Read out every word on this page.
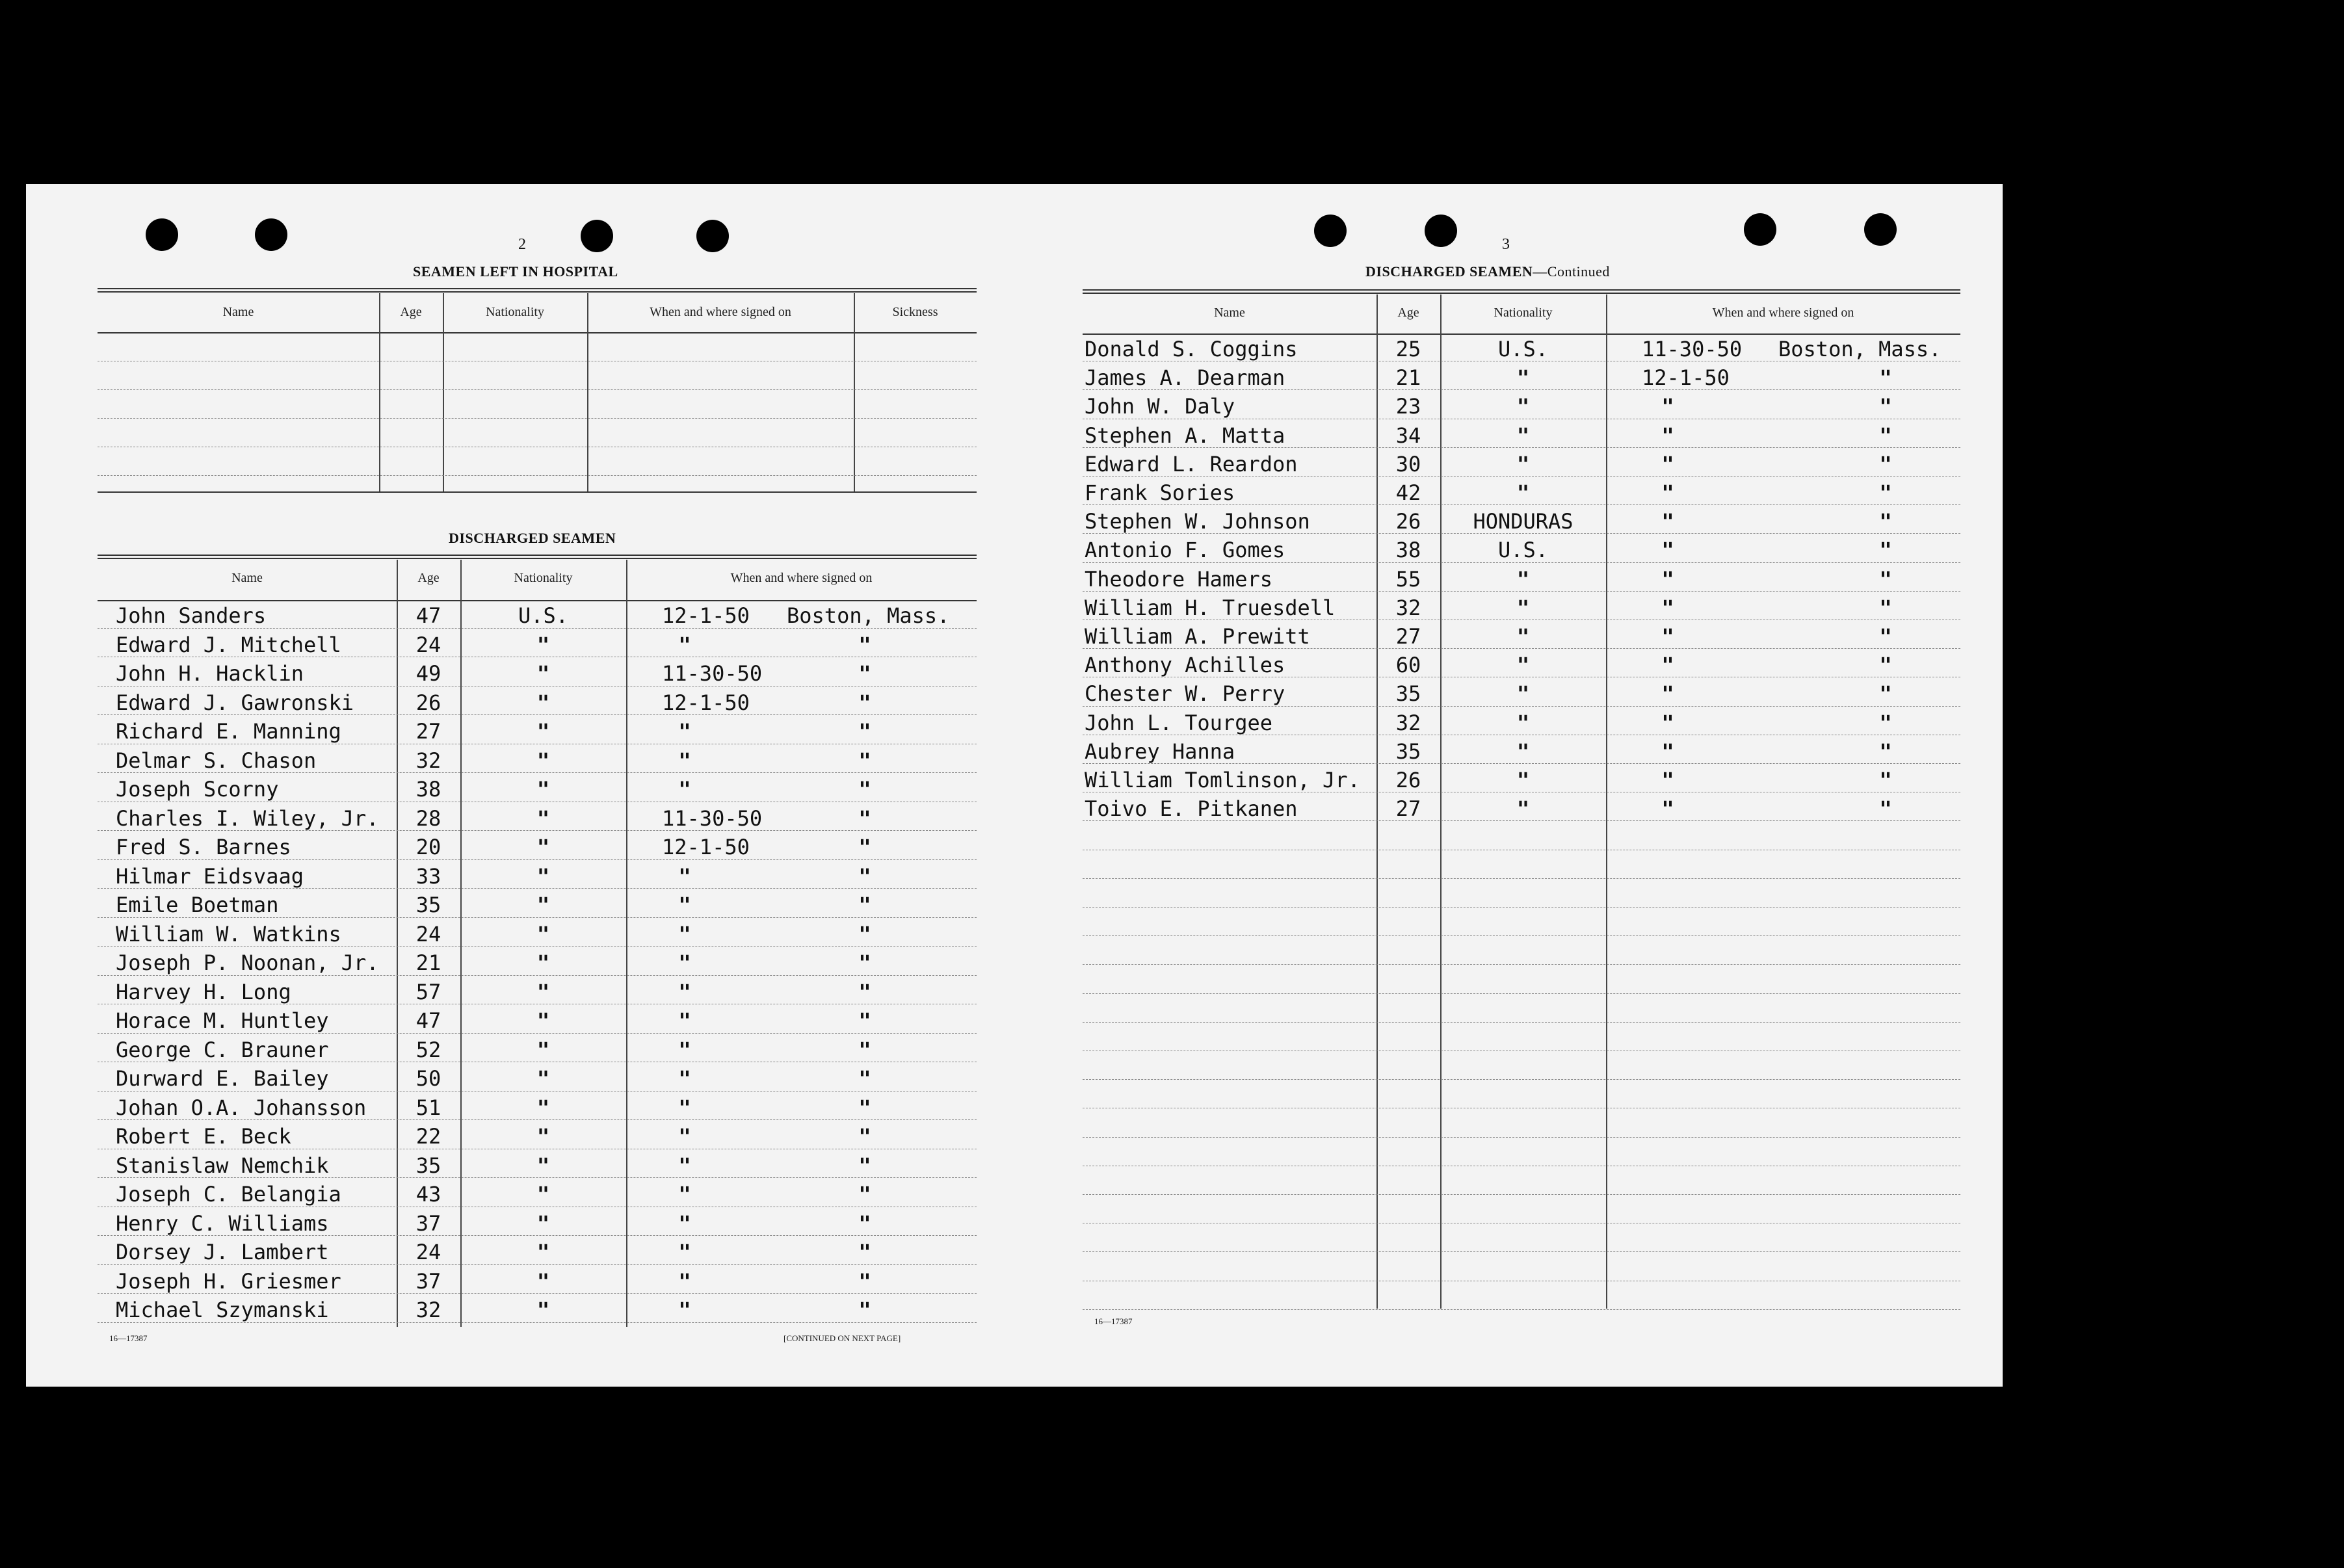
2
SEAMEN LEFT IN HOSPITAL
Name	Age	Nationality	When and where signed on	Sickness
DISCHARGED SEAMEN
Name	Age	Nationality	When and where signed on
John Sanders	47	U.S.	12-1-50 Boston, Mass.
Edward J. Mitchell	24	"	"	"
John H. Hacklin	49	"	11-30-50	"
Edward J. Gawronski	26	"	12-1-50	"
Richard E. Manning	27	"	"	"
Delmar S. Chason	32	"	"	"
Joseph Scorny	38	"	"	"
Charles I. Wiley, Jr.	28	"	11-30-50	"
Fred S. Barnes	20	"	12-1-50	"
Hilmar Eidsvaag	33	"	"	"
Emile Boetman	35	"	"	"
William W. Watkins	24	"	"	"
Joseph P. Noonan, Jr.	21	"	"	"
Harvey H. Long	57	"	"	"
Horace M. Huntley	47	"	"	"
George C. Brauner	52	"	"	"
Durward E. Bailey	50	"	"	"
Johan O.A. Johansson	51	"	"	"
Robert E. Beck	22	"	"	"
Stanislaw Nemchik	35	"	"	"
Joseph C. Belangia	43	"	"	"
Henry C. Williams	37	"	"	"
Dorsey J. Lambert	24	"	"	"
Joseph H. Griesmer	37	"	"	"
Michael Szymanski	32	"	"	"
16—17387	[CONTINUED ON NEXT PAGE]
3
DISCHARGED SEAMEN—Continued
Name	Age	Nationality	When and where signed on
Donald S. Coggins	25	U.S.	11-30-50 Boston, Mass.
James A. Dearman	21	"	12-1-50	"
John W. Daly	23	"	"	"
Stephen A. Matta	34	"	"	"
Edward L. Reardon	30	"	"	"
Frank Sories	42	"	"	"
Stephen W. Johnson	26	HONDURAS	"	"
Antonio F. Gomes	38	U.S.	"	"
Theodore Hamers	55	"	"	"
William H. Truesdell	32	"	"	"
William A. Prewitt	27	"	"	"
Anthony Achilles	60	"	"	"
Chester W. Perry	35	"	"	"
John L. Tourgee	32	"	"	"
Aubrey Hanna	35	"	"	"
William Tomlinson, Jr.	26	"	"	"
Toivo E. Pitkanen	27	"	"	"
16—17387
